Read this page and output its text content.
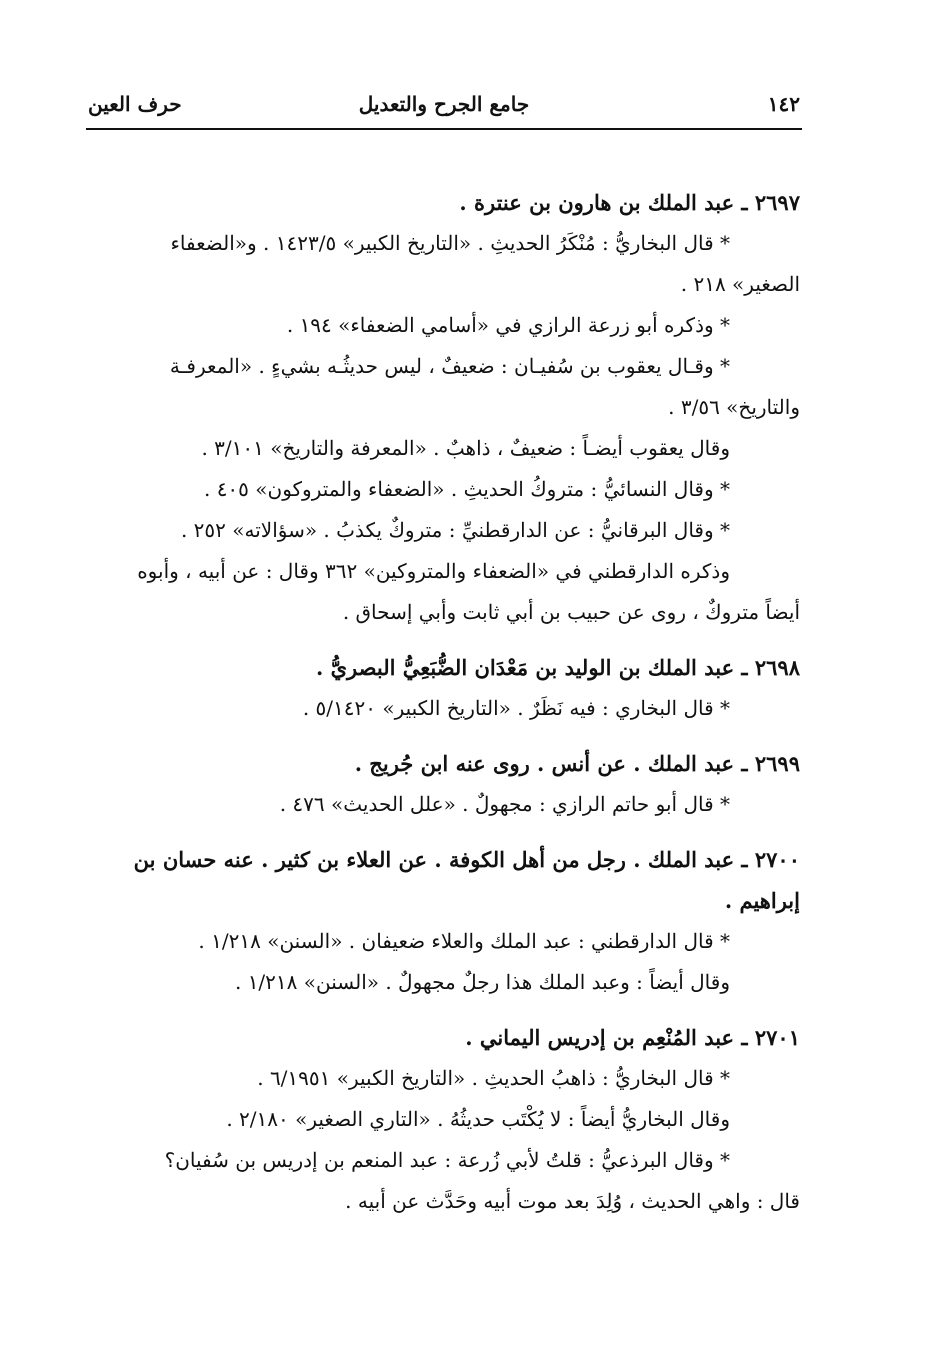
١٤٢
جامع الجرح والتعديل
حرف العين

٢٦٩٧ ـ عبد الملك بن هارون بن عنترة .

* قال البخاريُّ : مُنْكَرُ الحديثِ . «التاريخ الكبير» ١٤٢٣/٥ . و«الضعفاء

الصغير» ٢١٨ .

* وذكره أبو زرعة الرازي في «أسامي الضعفاء» ١٩٤ .

* وقـال يعقوب بن سُفيـان : ضعيفٌ ، ليس حديثُـه بشيءٍ . «المعرفـة

والتاريخ» ٣/٥٦ .

وقال يعقوب أيضـاً : ضعيفٌ ، ذاهبٌ . «المعرفة والتاريخ» ٣/١٠١ .

* وقال النسائيُّ : متروكُ الحديثِ . «الضعفاء والمتروكون» ٤٠٥ .

* وقال البرقانيُّ : عن الدارقطنيِّ : متروكٌ يكذبُ . «سؤالاته» ٢٥٢ .

وذكره الدارقطني في «الضعفاء والمتروكين» ٣٦٢ وقال : عن أبيه ، وأبوه

أيضاً متروكٌ ، روى عن حبيب بن أبي ثابت وأبي إسحاق .

٢٦٩٨ ـ عبد الملك بن الوليد بن مَعْدَان الضُّبَعِيُّ البصريُّ .

* قال البخاري : فيه نَظَرٌ . «التاريخ الكبير» ٥/١٤٢٠ .

٢٦٩٩ ـ عبد الملك . عن أنس . روى عنه ابن جُريج .

* قال أبو حاتم الرازي : مجهولٌ . «علل الحديث» ٤٧٦ .

٢٧٠٠ ـ عبد الملك . رجل من أهل الكوفة . عن العلاء بن كثير . عنه حسان بن

إبراهيم .

* قال الدارقطني : عبد الملك والعلاء ضعيفان . «السنن» ١/٢١٨ .

وقال أيضاً : وعبد الملك هذا رجلٌ مجهولٌ . «السنن» ١/٢١٨ .

٢٧٠١ ـ عبد المُنْعِم بن إدريس اليماني .

* قال البخاريُّ : ذاهبُ الحديثِ . «التاريخ الكبير» ٦/١٩٥١ .

وقال البخاريُّ أيضاً : لا يُكْتَب حديثُهُ . «التاري الصغير» ٢/١٨٠ .

* وقال البرذعيُّ : قلتُ لأبي زُرعة : عبد المنعم بن إدريس بن سُفيان؟

قال : واهي الحديث ، وُلِدَ بعد موت أبيه وحَدَّث عن أبيه .
